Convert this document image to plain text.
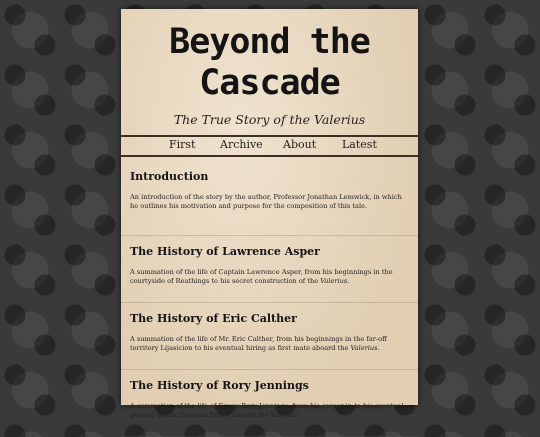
Beyond the
Cascade
The True Story of the Valerius
First Archive About Latest
Introduction

An introduction of the story by the author, Professor Jonathan Lemwick, in which he outlines his motivation and purpose for the composition of this tale.

The History of Lawrence Asper

A summation of the life of Captain Lawrence Asper, from his beginnings in the courtyside of Reathings to his secret construction of the Valerius.

The History of Eric Calther

A summation of the life of Mr. Eric Calther, from his beginnings in the far-off territory Lijasicion to his eventual hiring as first mate aboard the Valerius.

The History of Rory Jennings

A summation of the life of Envoy Rory Jennings, from his career in to his eventual posting as the Imperial Envoy aboard the Valerius.
